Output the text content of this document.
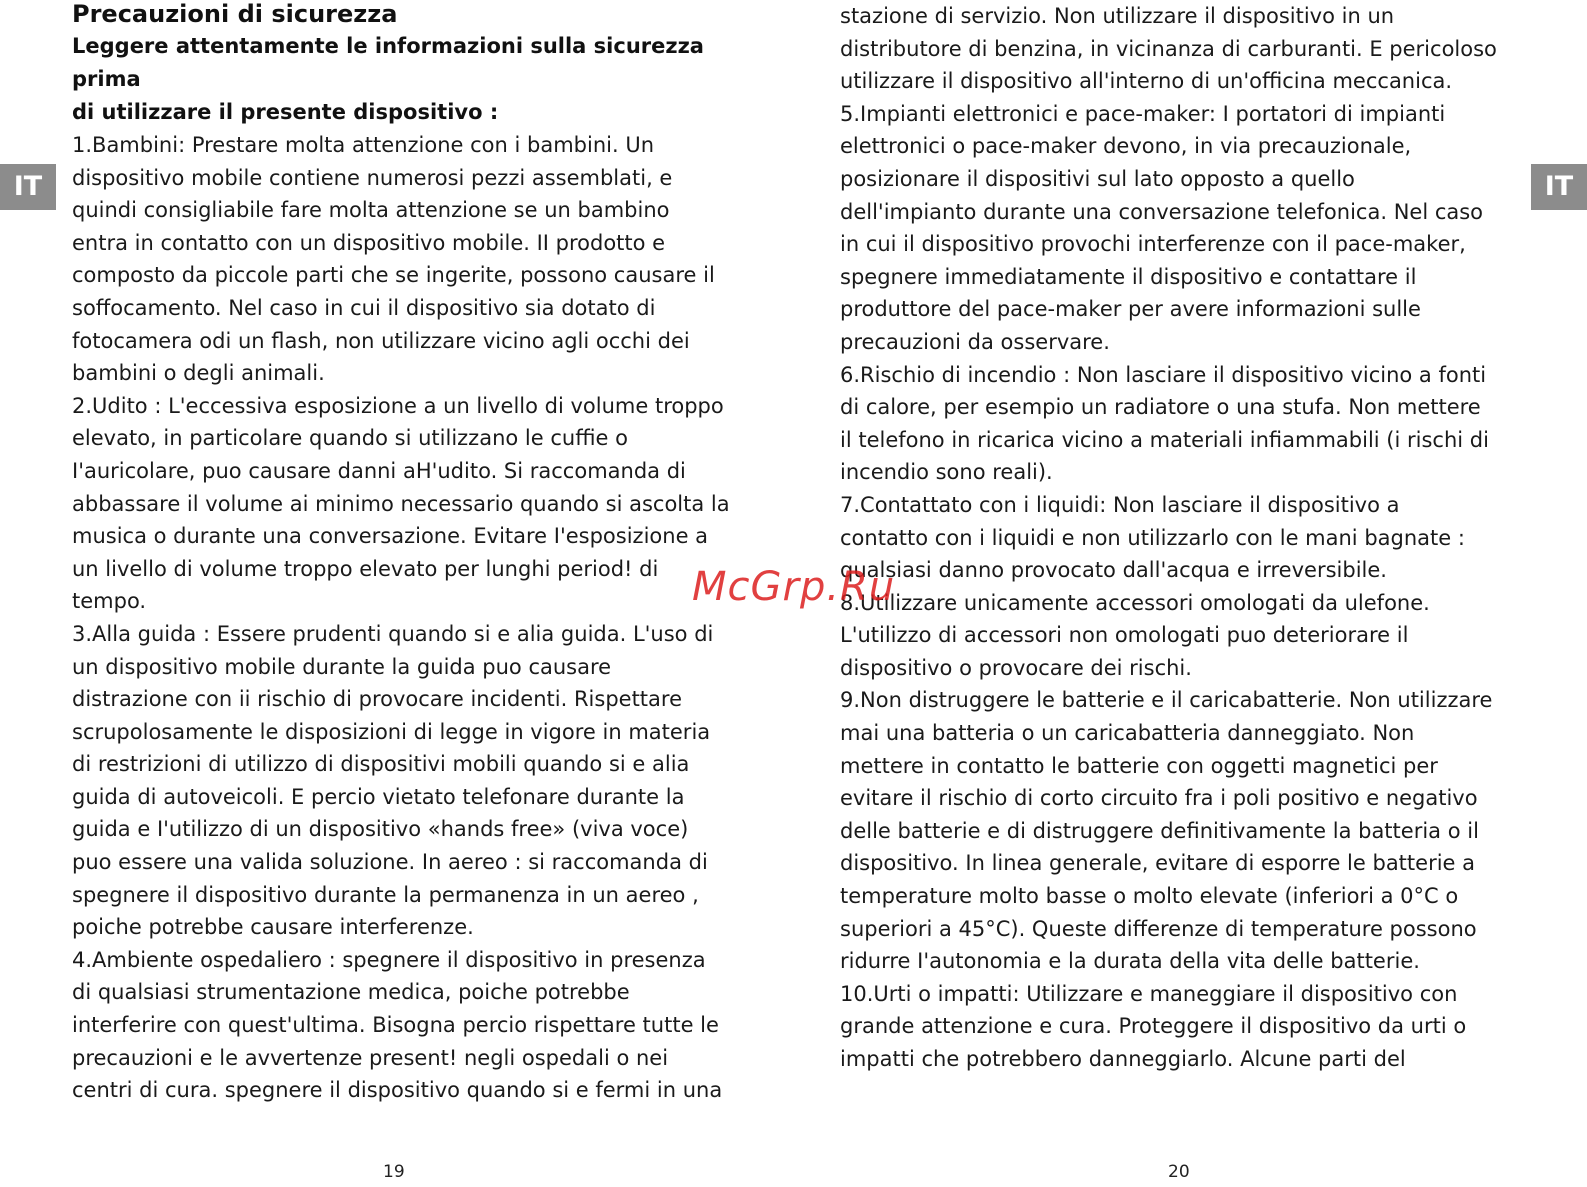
IT	IT
Precauzioni di sicurezza
Leggere attentamente le informazioni sulla sicurezza prima
di utilizzare il presente dispositivo :
1.Bambini: Prestare molta attenzione con i bambini. Un
dispositivo mobile contiene numerosi pezzi assemblati, e
quindi consigliabile fare molta attenzione se un bambino
entra in contatto con un dispositivo mobile. II prodotto e
composto da piccole parti che se ingerite, possono causare il
soffocamento. Nel caso in cui il dispositivo sia dotato di
fotocamera odi un flash, non utilizzare vicino agli occhi dei
bambini o degli animali.
2.Udito : L'eccessiva esposizione a un livello di volume troppo
elevato, in particolare quando si utilizzano le cuffie o
I'auricolare, puo causare danni aH'udito. Si raccomanda di
abbassare il volume ai minimo necessario quando si ascolta la
musica o durante una conversazione. Evitare I'esposizione a
un livello di volume troppo elevato per lunghi period! di
tempo.
3.Alla guida : Essere prudenti quando si e alia guida. L'uso di
un dispositivo mobile durante la guida puo causare
distrazione con ii rischio di provocare incidenti. Rispettare
scrupolosamente le disposizioni di legge in vigore in materia
di restrizioni di utilizzo di dispositivi mobili quando si e alia
guida di autoveicoli. E percio vietato telefonare durante la
guida e I'utilizzo di un dispositivo «hands free» (viva voce)
puo essere una valida soluzione. In aereo : si raccomanda di
spegnere il dispositivo durante la permanenza in un aereo ,
poiche potrebbe causare interferenze.
4.Ambiente ospedaliero : spegnere il dispositivo in presenza
di qualsiasi strumentazione medica, poiche potrebbe
interferire con quest'ultima. Bisogna percio rispettare tutte le
precauzioni e le avvertenze present! negli ospedali o nei
centri di cura. spegnere il dispositivo quando si e fermi in una
stazione di servizio. Non utilizzare il dispositivo in un
distributore di benzina, in vicinanza di carburanti. E pericoloso
utilizzare il dispositivo all'interno di un'officina meccanica.
5.Impianti elettronici e pace-maker: I portatori di impianti
elettronici o pace-maker devono, in via precauzionale,
posizionare il dispositivi sul lato opposto a quello
dell'impianto durante una conversazione telefonica. Nel caso
in cui il dispositivo provochi interferenze con il pace-maker,
spegnere immediatamente il dispositivo e contattare il
produttore del pace-maker per avere informazioni sulle
precauzioni da osservare.
6.Rischio di incendio : Non lasciare il dispositivo vicino a fonti
di calore, per esempio un radiatore o una stufa. Non mettere
il telefono in ricarica vicino a materiali infiammabili (i rischi di
incendio sono reali).
7.Contattato con i liquidi: Non lasciare il dispositivo a
contatto con i liquidi e non utilizzarlo con le mani bagnate :
qualsiasi danno provocato dall'acqua e irreversibile.
8.Utilizzare unicamente accessori omologati da ulefone.
L'utilizzo di accessori non omologati puo deteriorare il
dispositivo o provocare dei rischi.
9.Non distruggere le batterie e il caricabatterie. Non utilizzare
mai una batteria o un caricabatteria danneggiato. Non
mettere in contatto le batterie con oggetti magnetici per
evitare il rischio di corto circuito fra i poli positivo e negativo
delle batterie e di distruggere definitivamente la batteria o il
dispositivo. In linea generale, evitare di esporre le batterie a
temperature molto basse o molto elevate (inferiori a 0°C o
superiori a 45°C). Queste differenze di temperature possono
ridurre I'autonomia e la durata della vita delle batterie.
10.Urti o impatti: Utilizzare e maneggiare il dispositivo con
grande attenzione e cura. Proteggere il dispositivo da urti o
impatti che potrebbero danneggiarlo. Alcune parti del
19	20
McGrp.Ru
